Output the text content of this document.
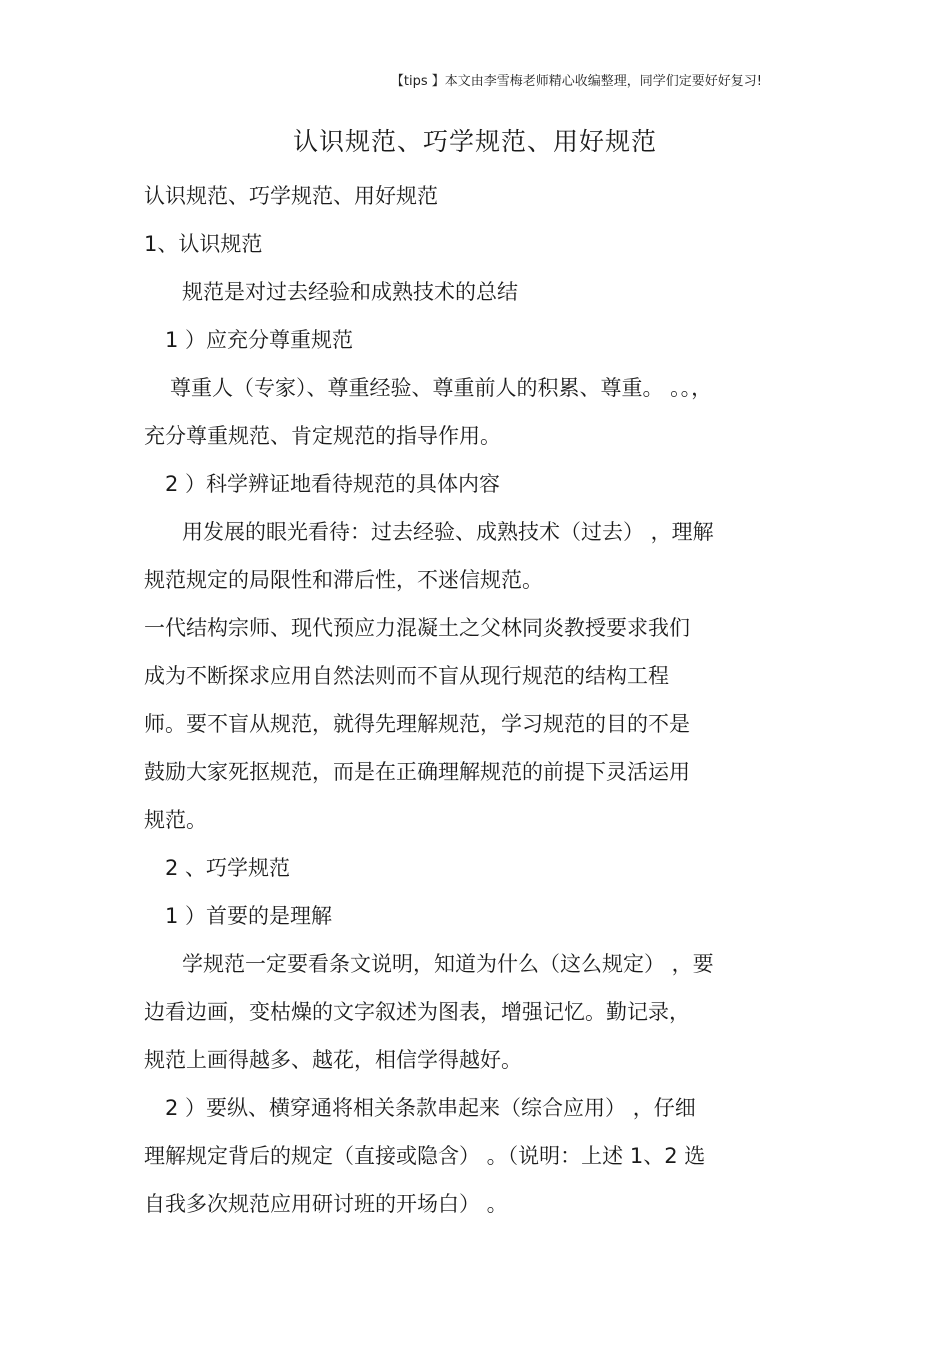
【tips 】本文由李雪梅老师精心收编整理，同学们定要好好复习!
认识规范、巧学规范、用好规范
认识规范、巧学规范、用好规范
1、认识规范
规范是对过去经验和成熟技术的总结
1 ）应充分尊重规范
尊重人（专家）、尊重经验、尊重前人的积累、尊重。 。。，
充分尊重规范、肯定规范的指导作用。
2 ）科学辨证地看待规范的具体内容
用发展的眼光看待：过去经验、成熟技术（过去） ，理解
规范规定的局限性和滞后性，不迷信规范。
一代结构宗师、现代预应力混凝土之父林同炎教授要求我们
成为不断探求应用自然法则而不盲从现行规范的结构工程
师。要不盲从规范，就得先理解规范，学习规范的目的不是
鼓励大家死抠规范，而是在正确理解规范的前提下灵活运用
规范。
2 、巧学规范
1 ）首要的是理解
学规范一定要看条文说明，知道为什么（这么规定） ，要
边看边画，变枯燥的文字叙述为图表，增强记忆。勤记录，
规范上画得越多、越花，相信学得越好。
2 ）要纵、横穿通将相关条款串起来（综合应用） ，仔细
理解规定背后的规定（直接或隐含） 。（说明：上述 1、2 选
自我多次规范应用研讨班的开场白） 。
